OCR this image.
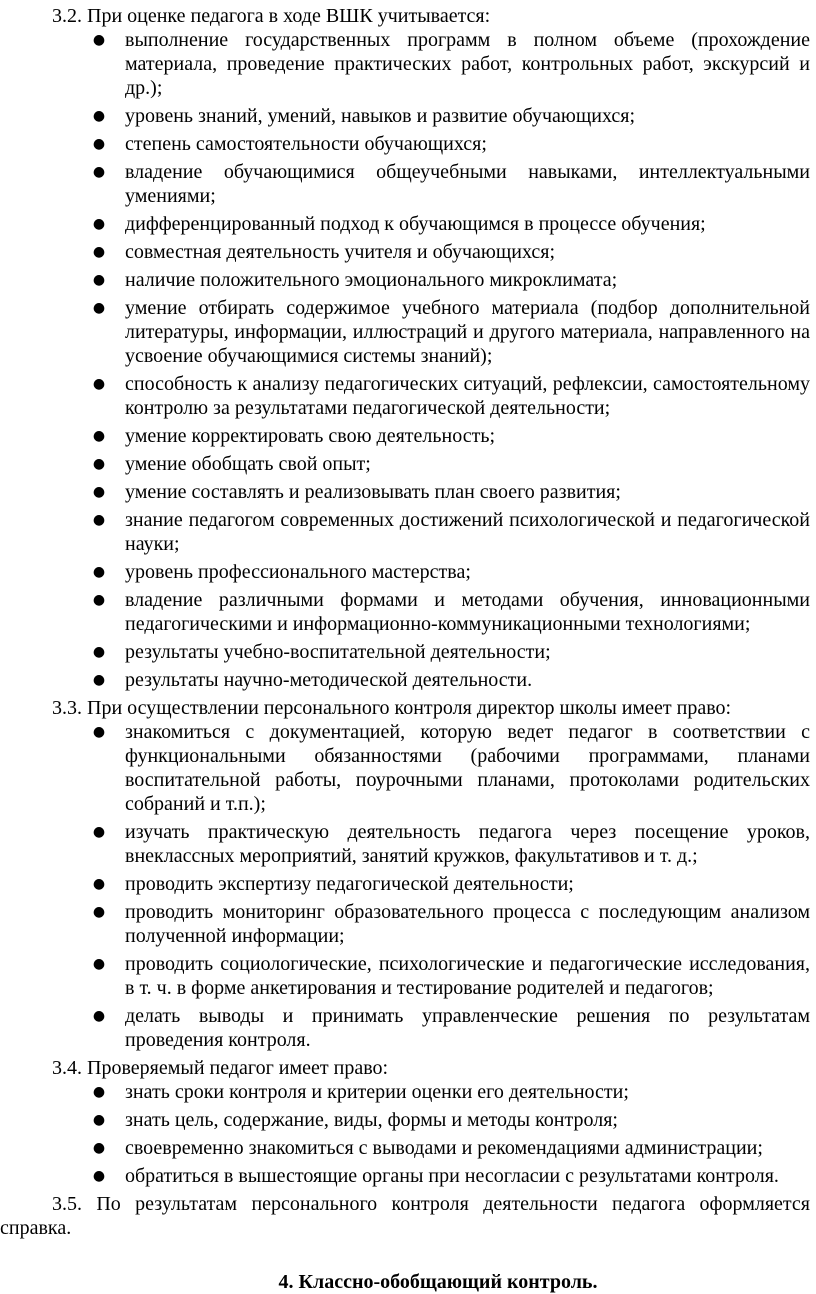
3.2. При оценке педагога в ходе ВШК учитывается:

● выполнение государственных программ в полном объеме (прохождение материала, проведение практических работ, контрольных работ, экскурсий и др.);
● уровень знаний, умений, навыков и развитие обучающихся;
● степень самостоятельности обучающихся;
● владение обучающимися общеучебными навыками, интеллектуальными умениями;
● дифференцированный подход к обучающимся в процессе обучения;
● совместная деятельность учителя и обучающихся;
● наличие положительного эмоционального микроклимата;
● умение отбирать содержимое учебного материала (подбор дополнительной литературы, информации, иллюстраций и другого материала, направленного на усвоение обучающимися системы знаний);
● способность к анализу педагогических ситуаций, рефлексии, самостоятельному контролю за результатами педагогической деятельности;
● умение корректировать свою деятельность;
● умение обобщать свой опыт;
● умение составлять и реализовывать план своего развития;
● знание педагогом современных достижений психологической и педагогической науки;
● уровень профессионального мастерства;
● владение различными формами и методами обучения, инновационными педагогическими и информационно-коммуникационными технологиями;
● результаты учебно-воспитательной деятельности;
● результаты научно-методической деятельности.

3.3. При осуществлении персонального контроля директор школы имеет право:

● знакомиться с документацией, которую ведет педагог в соответствии с функциональными обязанностями (рабочими программами, планами воспитательной работы, поурочными планами, протоколами родительских собраний и т.п.);
● изучать практическую деятельность педагога через посещение уроков, внеклассных мероприятий, занятий кружков, факультативов и т. д.;
● проводить экспертизу педагогической деятельности;
● проводить мониторинг образовательного процесса с последующим анализом полученной информации;
● проводить социологические, психологические и педагогические исследования, в т. ч. в форме анкетирования и тестирование родителей и педагогов;
● делать выводы и принимать управленческие решения по результатам проведения контроля.

3.4. Проверяемый педагог имеет право:

● знать сроки контроля и критерии оценки его деятельности;
● знать цель, содержание, виды, формы и методы контроля;
● своевременно знакомиться с выводами и рекомендациями администрации;
● обратиться в вышестоящие органы при несогласии с результатами контроля.

3.5. По результатам персонального контроля деятельности педагога оформляется справка.

4. Классно-обобщающий контроль.
